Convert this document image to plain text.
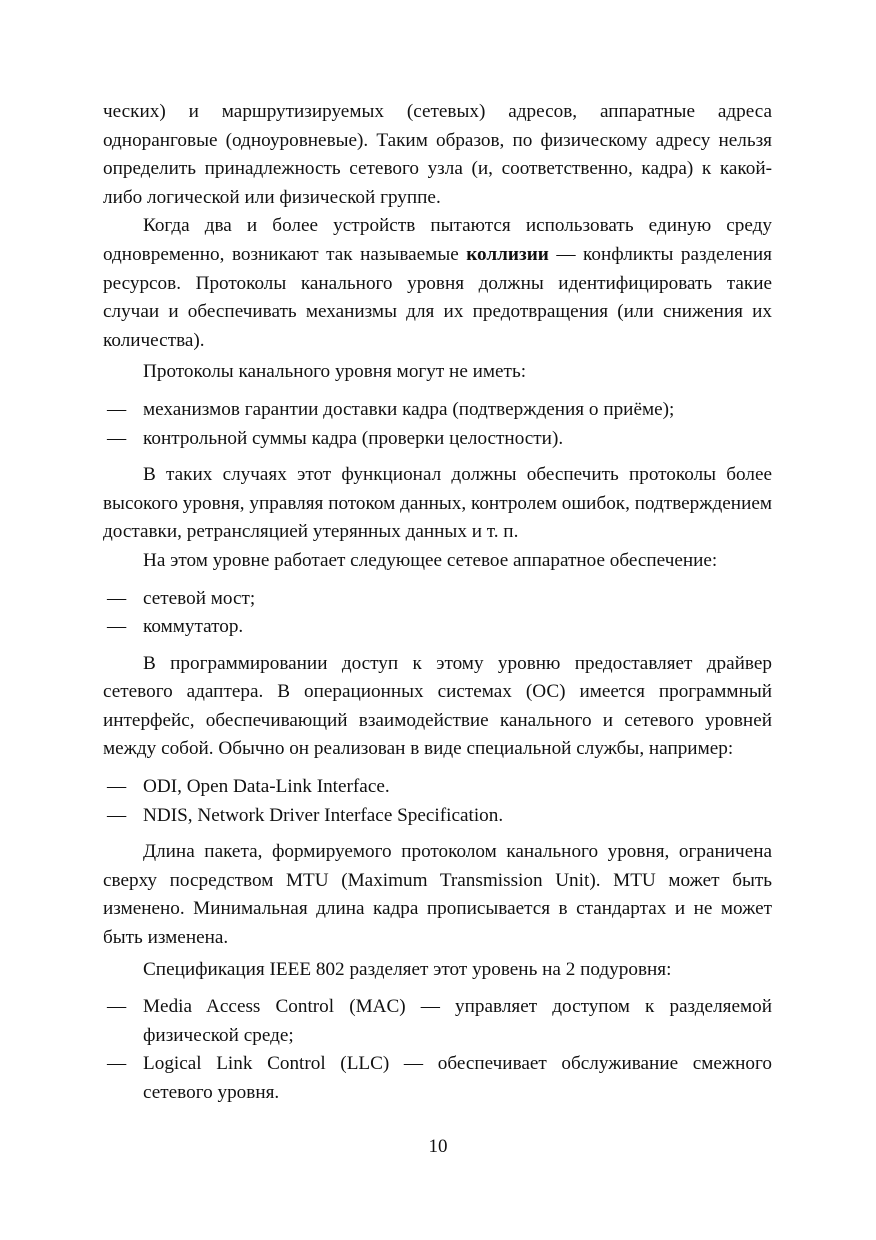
ческих) и маршрутизируемых (сетевых) адресов, аппаратные адреса одноранговые (одноуровневые). Таким образов, по физическому адресу нельзя определить принадлежность сетевого узла (и, соответственно, кадра) к какой-либо логической или физической группе.

Когда два и более устройств пытаются использовать единую среду одновременно, возникают так называемые коллизии — конфликты разделения ресурсов. Протоколы канального уровня должны идентифицировать такие случаи и обеспечивать механизмы для их предотвращения (или снижения их количества).

Протоколы канального уровня могут не иметь:

— механизмов гарантии доставки кадра (подтверждения о приёме);
— контрольной суммы кадра (проверки целостности).

В таких случаях этот функционал должны обеспечить протоколы более высокого уровня, управляя потоком данных, контролем ошибок, подтверждением доставки, ретрансляцией утерянных данных и т. п.

На этом уровне работает следующее сетевое аппаратное обеспечение:

— сетевой мост;
— коммутатор.

В программировании доступ к этому уровню предоставляет драйвер сетевого адаптера. В операционных системах (ОС) имеется программный интерфейс, обеспечивающий взаимодействие канального и сетевого уровней между собой. Обычно он реализован в виде специальной службы, например:

— ODI, Open Data-Link Interface.
— NDIS, Network Driver Interface Specification.

Длина пакета, формируемого протоколом канального уровня, ограничена сверху посредством MTU (Maximum Transmission Unit). MTU может быть изменено. Минимальная длина кадра прописывается в стандартах и не может быть изменена.

Спецификация IEEE 802 разделяет этот уровень на 2 подуровня:

— Media Access Control (MAC) — управляет доступом к разделяемой физической среде;
— Logical Link Control (LLC) — обеспечивает обслуживание смежного сетевого уровня.
10
